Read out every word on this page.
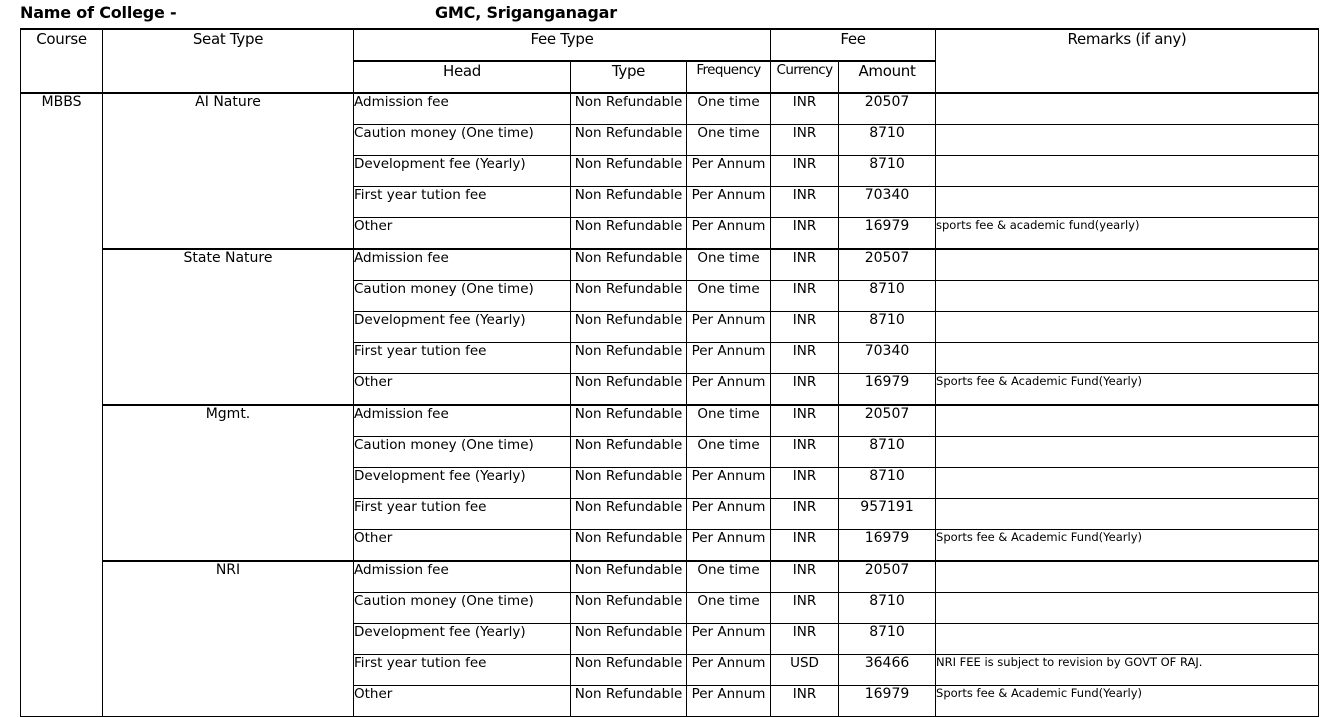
Name of College -	GMC, Sriganganagar
Course	Seat Type	Fee Type			Fee		Remarks (if any)
		Head	Type	Frequency	Currency	Amount	
MBBS	AI Nature	Admission fee	Non Refundable	One time	INR	20507	
		Caution money (One time)	Non Refundable	One time	INR	8710	
		Development fee (Yearly)	Non Refundable	Per Annum	INR	8710	
		First year tution fee	Non Refundable	Per Annum	INR	70340	
		Other	Non Refundable	Per Annum	INR	16979	sports fee & academic fund(yearly)
	State Nature	Admission fee	Non Refundable	One time	INR	20507	
		Caution money (One time)	Non Refundable	One time	INR	8710	
		Development fee (Yearly)	Non Refundable	Per Annum	INR	8710	
		First year tution fee	Non Refundable	Per Annum	INR	70340	
		Other	Non Refundable	Per Annum	INR	16979	Sports fee & Academic Fund(Yearly)
	Mgmt.	Admission fee	Non Refundable	One time	INR	20507	
		Caution money (One time)	Non Refundable	One time	INR	8710	
		Development fee (Yearly)	Non Refundable	Per Annum	INR	8710	
		First year tution fee	Non Refundable	Per Annum	INR	957191	
		Other	Non Refundable	Per Annum	INR	16979	Sports fee & Academic Fund(Yearly)
	NRI	Admission fee	Non Refundable	One time	INR	20507	
		Caution money (One time)	Non Refundable	One time	INR	8710	
		Development fee (Yearly)	Non Refundable	Per Annum	INR	8710	
		First year tution fee	Non Refundable	Per Annum	USD	36466	NRI FEE is subject to revision by GOVT OF RAJ.
		Other	Non Refundable	Per Annum	INR	16979	Sports fee & Academic Fund(Yearly)
